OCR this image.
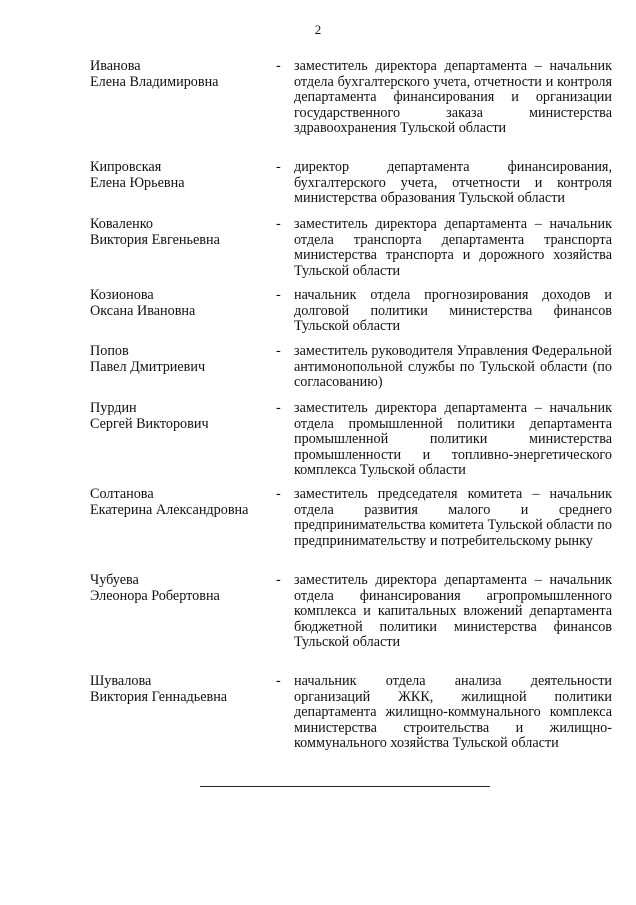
2
Иванова
Елена Владимировна
- заместитель директора департамента – начальник отдела бухгалтерского учета, отчетности и контроля департамента финансирования и организации государственного заказа министерства здравоохранения Тульской области
Кипровская
Елена Юрьевна
- директор департамента финансирования, бухгалтерского учета, отчетности и контроля министерства образования Тульской области
Коваленко
Виктория Евгеньевна
- заместитель директора департамента – начальник отдела транспорта департамента транспорта министерства транспорта и дорожного хозяйства Тульской области
Козионова
Оксана Ивановна
- начальник отдела прогнозирования доходов и долговой политики министерства финансов Тульской области
Попов
Павел Дмитриевич
- заместитель руководителя Управления Федеральной антимонопольной службы по Тульской области (по согласованию)
Пурдин
Сергей Викторович
- заместитель директора департамента – начальник отдела промышленной политики департамента промышленной политики министерства промышленности и топливно-энергетического комплекса Тульской области
Солтанова
Екатерина Александровна
- заместитель председателя комитета – начальник отдела развития малого и среднего предпринимательства комитета Тульской области по предпринимательству и потребительскому рынку
Чубуева
Элеонора Робертовна
- заместитель директора департамента – начальник отдела финансирования агропромышленного комплекса и капитальных вложений департамента бюджетной политики министерства финансов Тульской области
Шувалова
Виктория Геннадьевна
- начальник отдела анализа деятельности организаций ЖКК, жилищной политики департамента жилищно-коммунального комплекса министерства строительства и жилищно-коммунального хозяйства Тульской области
